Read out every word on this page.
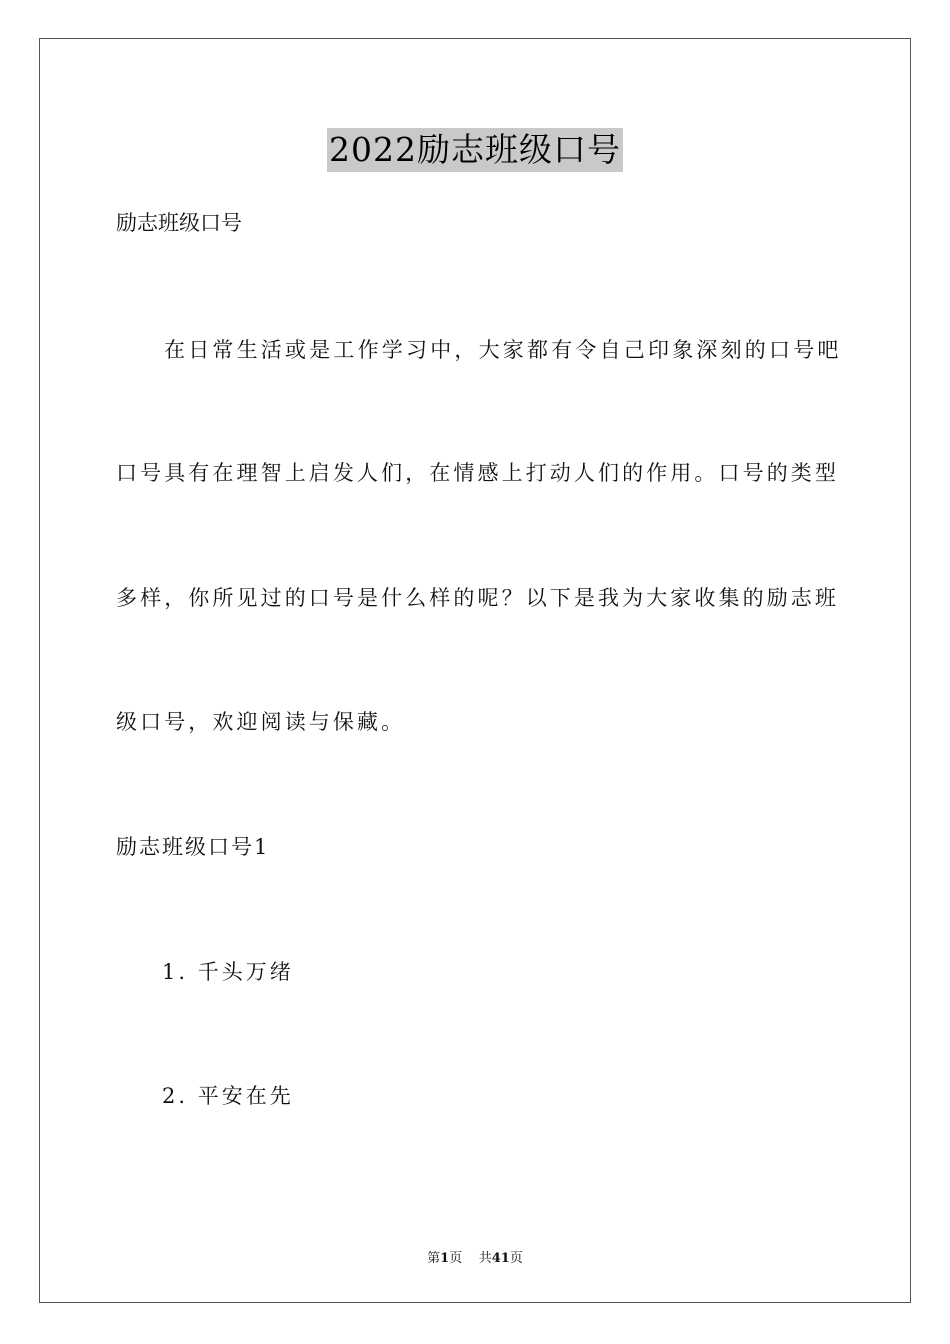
2022励志班级口号
励志班级口号
在日常生活或是工作学习中，大家都有令自己印象深刻的口号吧
口号具有在理智上启发人们，在情感上打动人们的作用。口号的类型
多样，你所见过的口号是什么样的呢？以下是我为大家收集的励志班
级口号，欢迎阅读与保藏。
励志班级口号1
1. 千头万绪
2. 平安在先
第1页 共41页
